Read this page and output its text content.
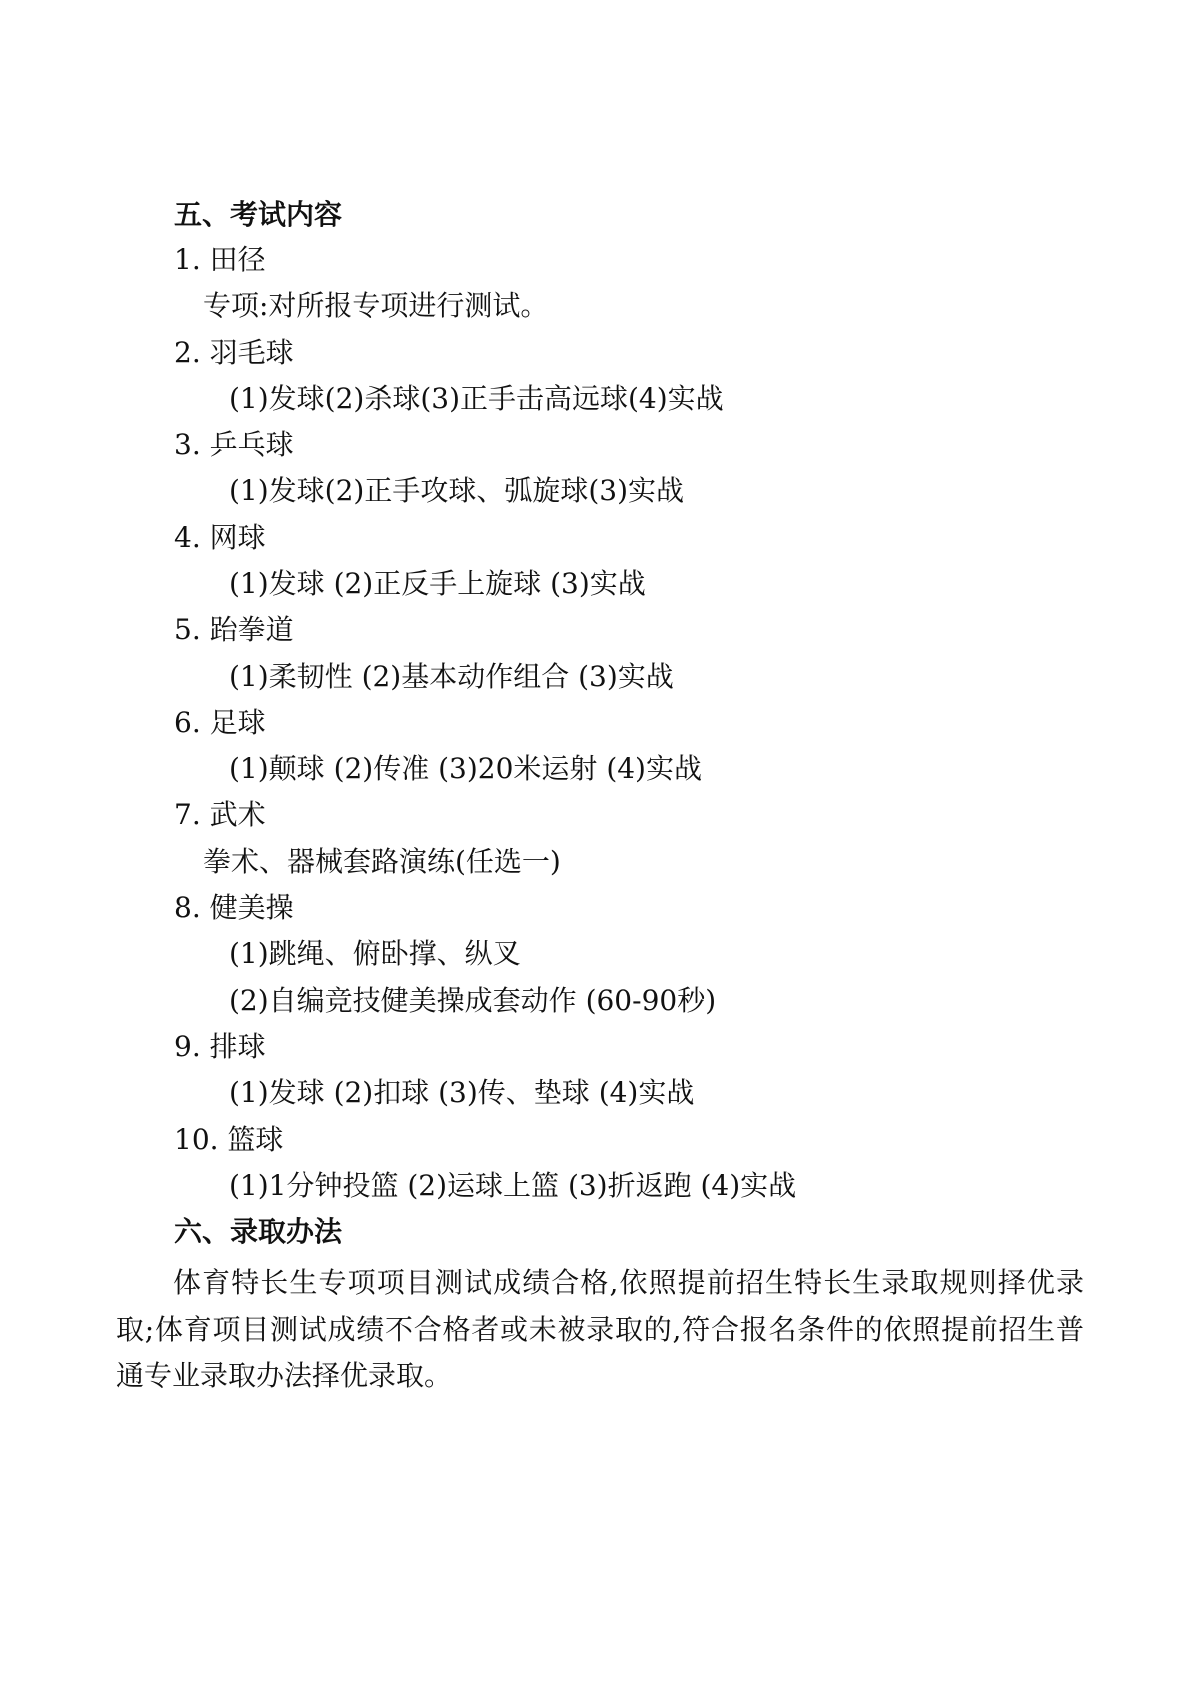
五、考试内容
1. 田径
专项:对所报专项进行测试。
2. 羽毛球
(1)发球(2)杀球(3)正手击高远球(4)实战
3. 乒乓球
(1)发球(2)正手攻球、弧旋球(3)实战
4. 网球
(1)发球 (2)正反手上旋球 (3)实战
5. 跆拳道
(1)柔韧性 (2)基本动作组合 (3)实战
6. 足球
(1)颠球 (2)传准 (3)20米运射 (4)实战
7. 武术
拳术、器械套路演练(任选一)
8. 健美操
(1)跳绳、俯卧撑、纵叉
(2)自编竞技健美操成套动作 (60-90秒)
9. 排球
(1)发球 (2)扣球 (3)传、垫球 (4)实战
10. 篮球
(1)1分钟投篮 (2)运球上篮 (3)折返跑 (4)实战
六、录取办法

体育特长生专项项目测试成绩合格,依照提前招生特长生录取规则择优录取;体育项目测试成绩不合格者或未被录取的,符合报名条件的依照提前招生普通专业录取办法择优录取。
